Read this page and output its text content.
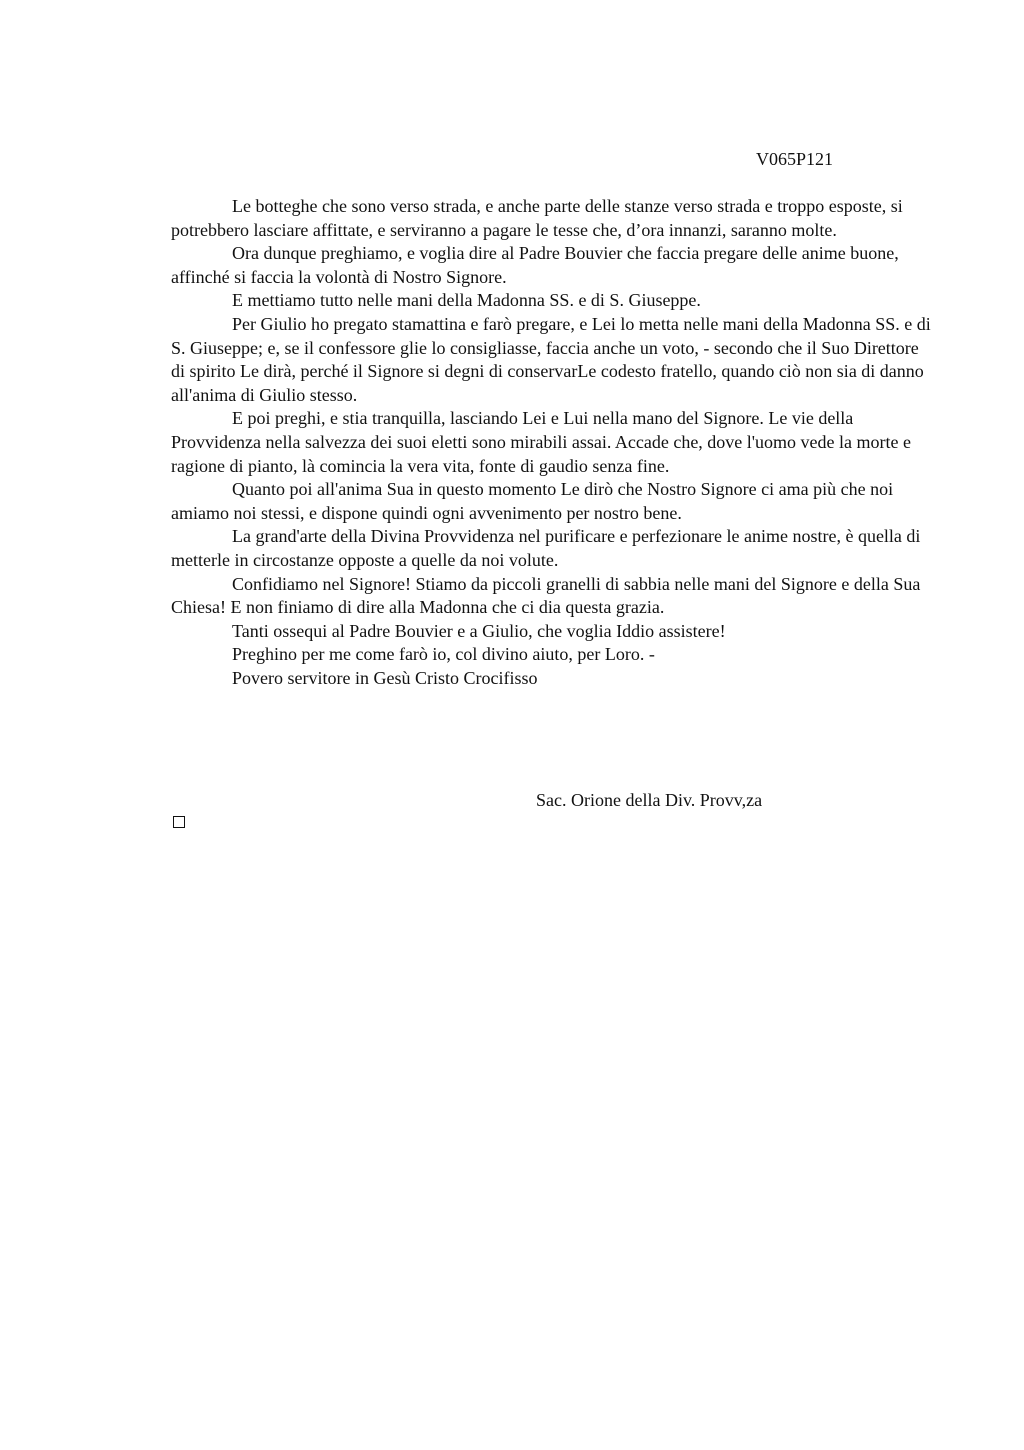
V065P121

Le botteghe che sono verso strada, e anche parte delle stanze verso strada e troppo esposte, si potrebbero lasciare affittate, e serviranno a pagare le tesse che, d’ora innanzi, saranno molte.

Ora dunque preghiamo, e voglia dire al Padre Bouvier che faccia pregare delle anime buone, affinché si faccia la volontà di Nostro Signore.

E mettiamo tutto nelle mani della Madonna SS. e di S. Giuseppe.

Per Giulio ho pregato stamattina e farò pregare, e Lei lo metta nelle mani della Madonna SS. e di S. Giuseppe; e, se il confessore glie lo consigliasse, faccia anche un voto, - secondo che il Suo Direttore di spirito Le dirà, perché il Signore si degni di conservarLe codesto fratello, quando ciò non sia di danno all'anima di Giulio stesso.

E poi preghi, e stia tranquilla, lasciando Lei e Lui nella mano del Signore. Le vie della Provvidenza nella salvezza dei suoi eletti sono mirabili assai. Accade che, dove l'uomo vede la morte e ragione di pianto, là comincia la vera vita, fonte di gaudio senza fine.

Quanto poi all'anima Sua in questo momento Le dirò che Nostro Signore ci ama più che noi amiamo noi stessi, e dispone quindi ogni avvenimento per nostro bene.

La grand'arte della Divina Provvidenza nel purificare e perfezionare le anime nostre, è quella di metterle in circostanze opposte a quelle da noi volute.

Confidiamo nel Signore! Stiamo da piccoli granelli di sabbia nelle mani del Signore e della Sua Chiesa! E non finiamo di dire alla Madonna che ci dia questa grazia.

Tanti ossequi al Padre Bouvier e a Giulio, che voglia Iddio assistere!

Preghino per me come farò io, col divino aiuto, per Loro. -

Povero servitore in Gesù Cristo Crocifisso

Sac. Orione della Div. Provv,za
